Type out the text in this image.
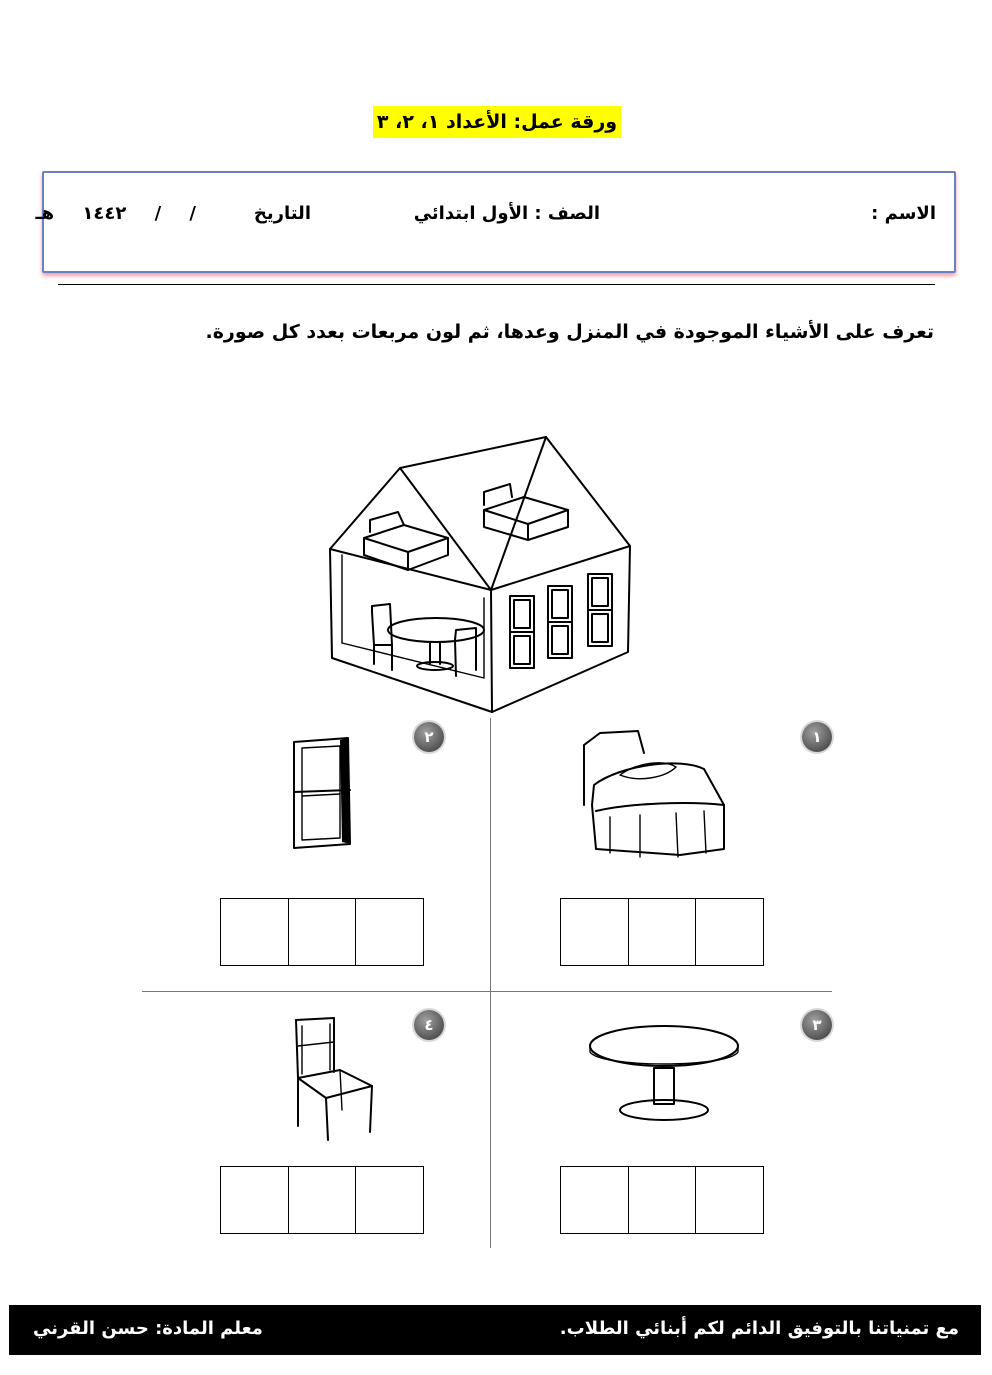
ورقة عمل: الأعداد ١، ٢، ٣
الاسم :
الصف : الأول ابتدائي
التاريخ
/ / ١٤٤٢ هـ
تعرف على الأشياء الموجودة في المنزل وعدها، ثم لون مربعات بعدد كل صورة.
١
٢
٣
٤
مع تمنياتنا بالتوفيق الدائم لكم أبنائي الطلاب.
معلم المادة: حسن القرني
